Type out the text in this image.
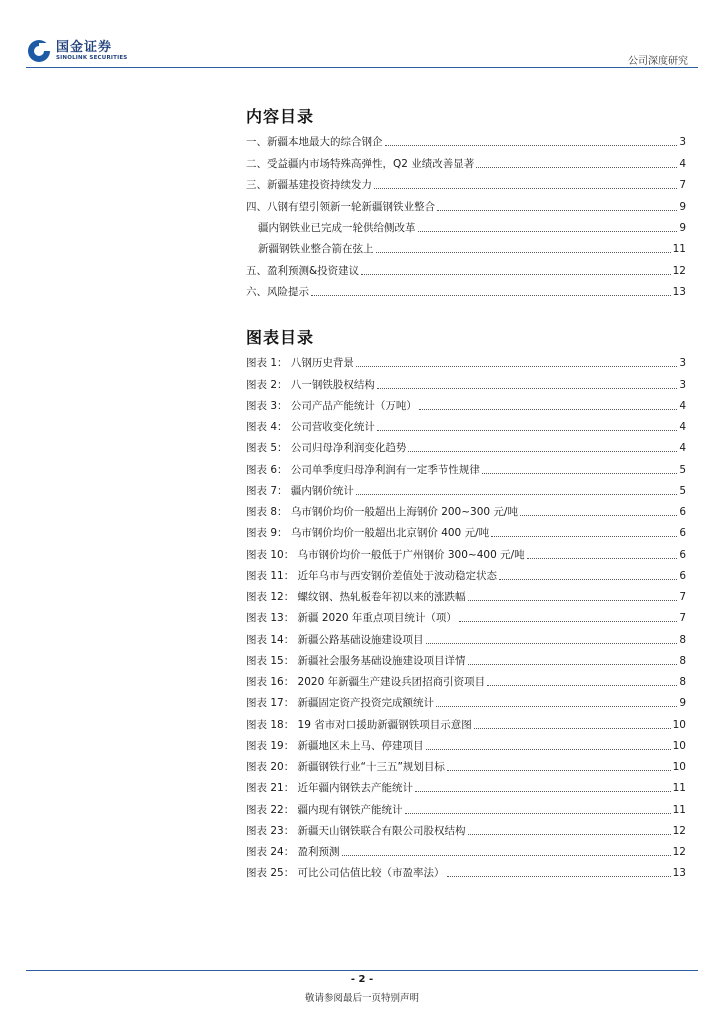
国金证券
SINOLINK SECURITIES	公司深度研究
内容目录
一、新疆本地最大的综合钢企	3
二、受益疆内市场特殊高弹性，Q2 业绩改善显著	4
三、新疆基建投资持续发力	7
四、八钢有望引领新一轮新疆钢铁业整合	9
疆内钢铁业已完成一轮供给侧改革	9
新疆钢铁业整合箭在弦上	11
五、盈利预测&投资建议	12
六、风险提示	13
图表目录
图表 1： 八钢历史背景	3
图表 2： 八一钢铁股权结构	3
图表 3： 公司产品产能统计（万吨）	4
图表 4： 公司营收变化统计	4
图表 5： 公司归母净利润变化趋势	4
图表 6： 公司单季度归母净利润有一定季节性规律	5
图表 7： 疆内钢价统计	5
图表 8： 乌市钢价均价一般超出上海钢价 200~300 元/吨	6
图表 9： 乌市钢价均价一般超出北京钢价 400 元/吨	6
图表 10： 乌市钢价均价一般低于广州钢价 300~400 元/吨	6
图表 11： 近年乌市与西安钢价差值处于波动稳定状态	6
图表 12： 螺纹钢、热轧板卷年初以来的涨跌幅	7
图表 13： 新疆 2020 年重点项目统计（项）	7
图表 14： 新疆公路基础设施建设项目	8
图表 15： 新疆社会服务基础设施建设项目详情	8
图表 16： 2020 年新疆生产建设兵团招商引资项目	8
图表 17： 新疆固定资产投资完成额统计	9
图表 18： 19 省市对口援助新疆钢铁项目示意图	10
图表 19： 新疆地区未上马、停建项目	10
图表 20： 新疆钢铁行业“十三五”规划目标	10
图表 21： 近年疆内钢铁去产能统计	11
图表 22： 疆内现有钢铁产能统计	11
图表 23： 新疆天山钢铁联合有限公司股权结构	12
图表 24： 盈利预测	12
图表 25： 可比公司估值比较（市盈率法）	13
- 2 -
敬请参阅最后一页特别声明
